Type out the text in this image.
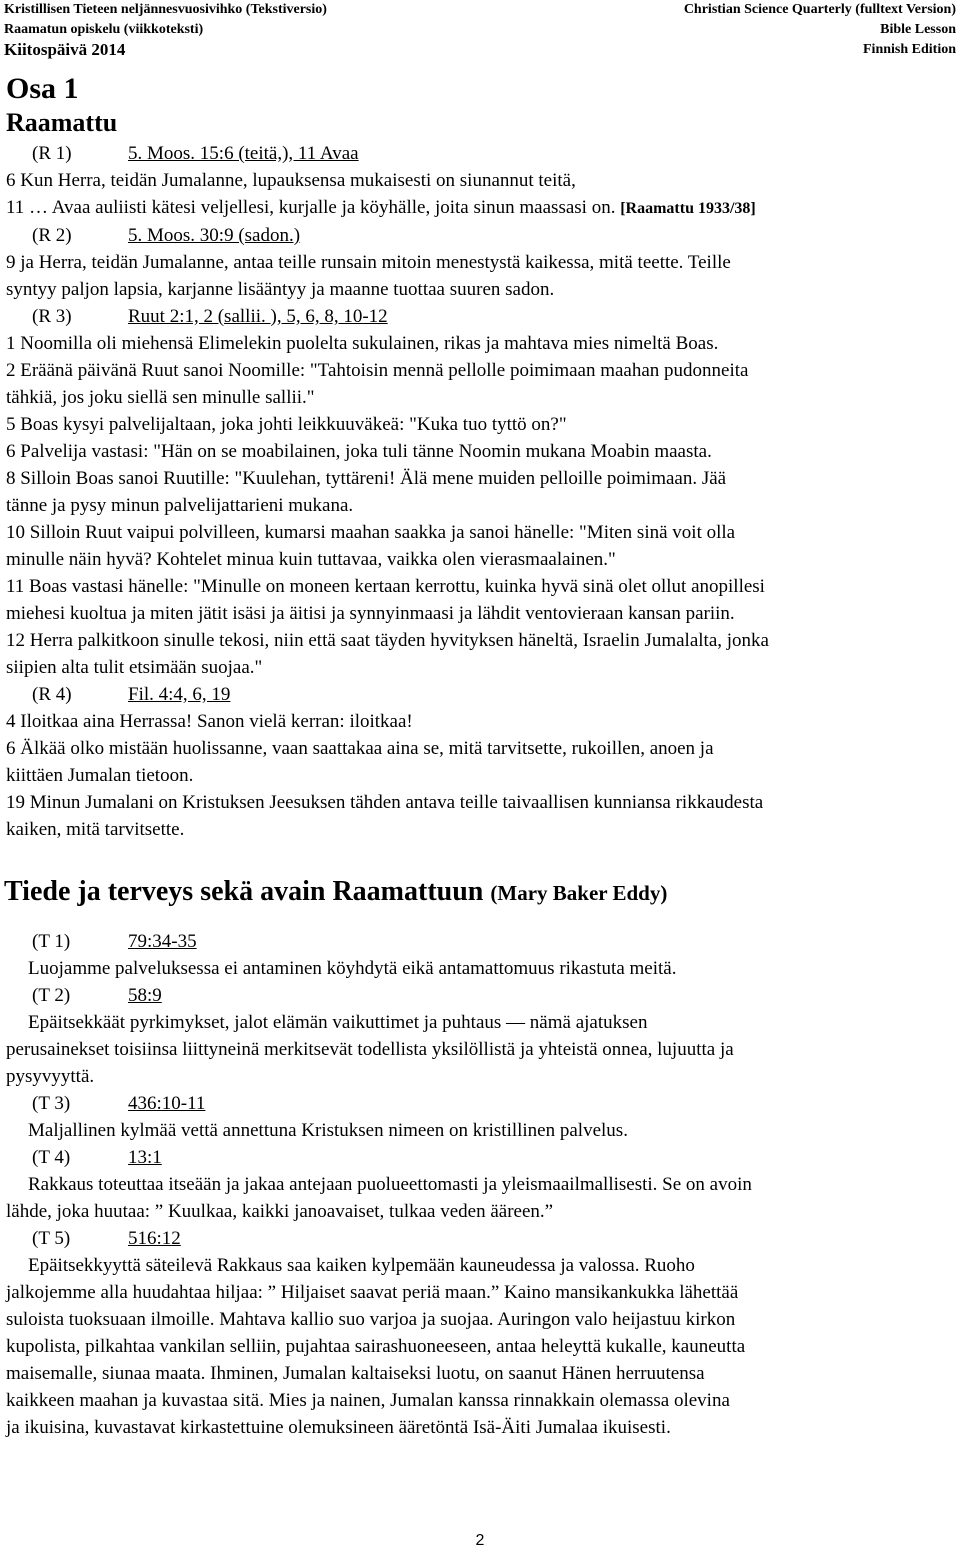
Kristillisen Tieteen neljännesvuosivihko (Tekstiversio)
Raamatun opiskelu (viikkoteksti)
Kiitospäivä 2014
Christian Science Quarterly (fulltext Version)
Bible Lesson
Finnish Edition
Osa 1
Raamattu
(R 1)	5. Moos. 15:6 (teitä,), 11 Avaa

6 Kun Herra, teidän Jumalanne, lupauksensa mukaisesti on siunannut teitä,

11 … Avaa auliisti kätesi veljellesi, kurjalle ja köyhälle, joita sinun maassasi on. [Raamattu 1933/38]

(R 2)	5. Moos. 30:9 (sadon.)

9 ja Herra, teidän Jumalanne, antaa teille runsain mitoin menestystä kaikessa, mitä teette. Teille

syntyy paljon lapsia, karjanne lisääntyy ja maanne tuottaa suuren sadon.

(R 3)	Ruut 2:1, 2 (sallii. ), 5, 6, 8, 10-12

1 Noomilla oli miehensä Elimelekin puolelta sukulainen, rikas ja mahtava mies nimeltä Boas.

2 Eräänä päivänä Ruut sanoi Noomille: "Tahtoisin mennä pellolle poimimaan maahan pudonneita

tähkiä, jos joku siellä sen minulle sallii."

5 Boas kysyi palvelijaltaan, joka johti leikkuuväkeä: "Kuka tuo tyttö on?"

6 Palvelija vastasi: "Hän on se moabilainen, joka tuli tänne Noomin mukana Moabin maasta.

8 Silloin Boas sanoi Ruutille: "Kuulehan, tyttäreni! Älä mene muiden pelloille poimimaan. Jää

tänne ja pysy minun palvelijattarieni mukana.

10 Silloin Ruut vaipui polvilleen, kumarsi maahan saakka ja sanoi hänelle: "Miten sinä voit olla

minulle näin hyvä? Kohtelet minua kuin tuttavaa, vaikka olen vierasmaalainen."

11 Boas vastasi hänelle: "Minulle on moneen kertaan kerrottu, kuinka hyvä sinä olet ollut anopillesi

miehesi kuoltua ja miten jätit isäsi ja äitisi ja synnyinmaasi ja lähdit ventovieraan kansan pariin.

12 Herra palkitkoon sinulle tekosi, niin että saat täyden hyvityksen häneltä, Israelin Jumalalta, jonka

siipien alta tulit etsimään suojaa."

(R 4)	Fil. 4:4, 6, 19

4 Iloitkaa aina Herrassa! Sanon vielä kerran: iloitkaa!

6 Älkää olko mistään huolissanne, vaan saattakaa aina se, mitä tarvitsette, rukoillen, anoen ja

kiittäen Jumalan tietoon.

19 Minun Jumalani on Kristuksen Jeesuksen tähden antava teille taivaallisen kunniansa rikkaudesta

kaiken, mitä tarvitsette.

Tiede ja terveys sekä avain Raamattuun (Mary Baker Eddy)
(T 1)	79:34-35

Luojamme palveluksessa ei antaminen köyhdytä eikä antamattomuus rikastuta meitä.

(T 2)	58:9

Epäitsekkäät pyrkimykset, jalot elämän vaikuttimet ja puhtaus — nämä ajatuksen

perusainekset toisiinsa liittyneinä merkitsevät todellista yksilöllistä ja yhteistä onnea, lujuutta ja

pysyvyyttä.

(T 3)	436:10-11

Maljallinen kylmää vettä annettuna Kristuksen nimeen on kristillinen palvelus.

(T 4)	13:1

Rakkaus toteuttaa itseään ja jakaa antejaan puolueettomasti ja yleismaailmallisesti. Se on avoin

lähde, joka huutaa: ” Kuulkaa, kaikki janoavaiset, tulkaa veden ääreen.”

(T 5)	516:12

Epäitsekkyyttä säteilevä Rakkaus saa kaiken kylpemään kauneudessa ja valossa. Ruoho

jalkojemme alla huudahtaa hiljaa: ” Hiljaiset saavat periä maan.” Kaino mansikankukka lähettää

suloista tuoksuaan ilmoille. Mahtava kallio suo varjoa ja suojaa. Auringon valo heijastuu kirkon

kupolista, pilkahtaa vankilan selliin, pujahtaa sairashuoneeseen, antaa heleyttä kukalle, kauneutta

maisemalle, siunaa maata. Ihminen, Jumalan kaltaiseksi luotu, on saanut Hänen herruutensa

kaikkeen maahan ja kuvastaa sitä. Mies ja nainen, Jumalan kanssa rinnakkain olemassa olevina

ja ikuisina, kuvastavat kirkastettuine olemuksineen ääretöntä Isä-Äiti Jumalaa ikuisesti.

2
